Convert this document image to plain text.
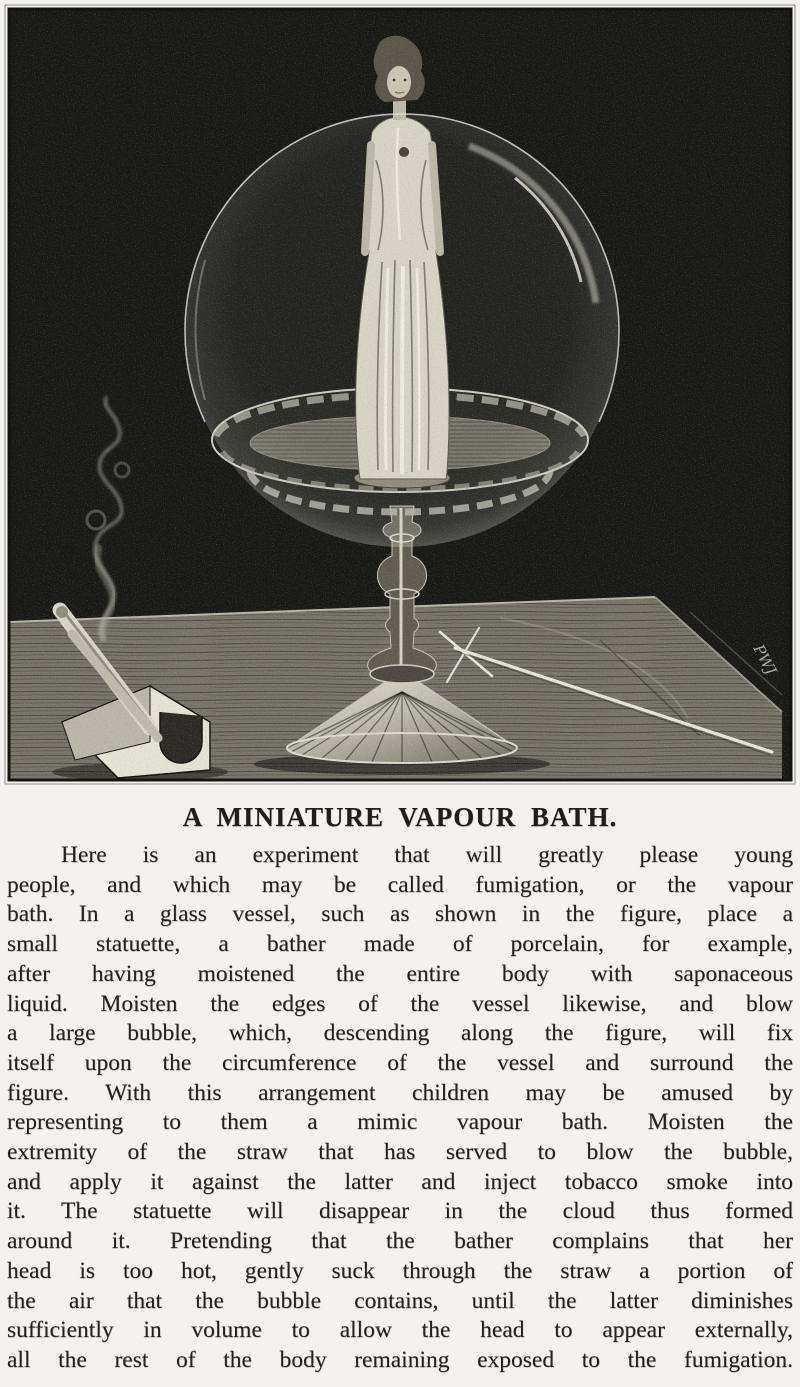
A MINIATURE VAPOUR BATH.
Here is an experiment that will greatly please young
people, and which may be called fumigation, or the vapour
bath. In a glass vessel, such as shown in the figure, place a
small statuette, a bather made of porcelain, for example,
after having moistened the entire body with saponaceous
liquid. Moisten the edges of the vessel likewise, and blow
a large bubble, which, descending along the figure, will fix
itself upon the circumference of the vessel and surround the
figure. With this arrangement children may be amused by
representing to them a mimic vapour bath. Moisten the
extremity of the straw that has served to blow the bubble,
and apply it against the latter and inject tobacco smoke into
it. The statuette will disappear in the cloud thus formed
around it. Pretending that the bather complains that her
head is too hot, gently suck through the straw a portion of
the air that the bubble contains, until the latter diminishes
sufficiently in volume to allow the head to appear externally,
all the rest of the body remaining exposed to the fumigation.
